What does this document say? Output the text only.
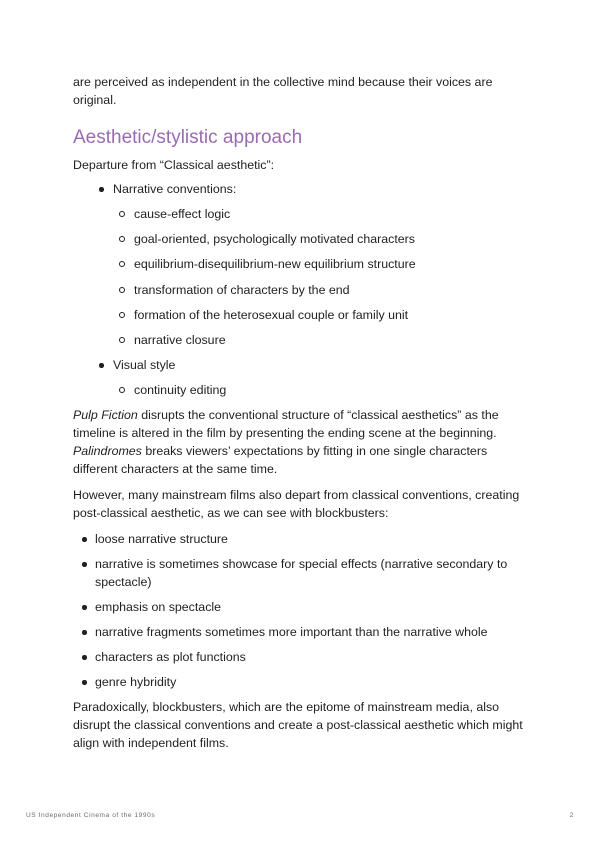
are perceived as independent in the collective mind because their voices are original.

Aesthetic/stylistic approach

Departure from “Classical aesthetic”:

Narrative conventions:
cause-effect logic
goal-oriented, psychologically motivated characters
equilibrium-disequilibrium-new equilibrium structure
transformation of characters by the end
formation of the heterosexual couple or family unit
narrative closure
Visual style
continuity editing

Pulp Fiction disrupts the conventional structure of “classical aesthetics” as the timeline is altered in the film by presenting the ending scene at the beginning. Palindromes breaks viewers’ expectations by fitting in one single characters different characters at the same time.

However, many mainstream films also depart from classical conventions, creating post-classical aesthetic, as we can see with blockbusters:

loose narrative structure
narrative is sometimes showcase for special effects (narrative secondary to spectacle)
emphasis on spectacle
narrative fragments sometimes more important than the narrative whole
characters as plot functions
genre hybridity

Paradoxically, blockbusters, which are the epitome of mainstream media, also disrupt the classical conventions and create a post-classical aesthetic which might align with independent films.

US Independent Cinema of the 1990s	2
